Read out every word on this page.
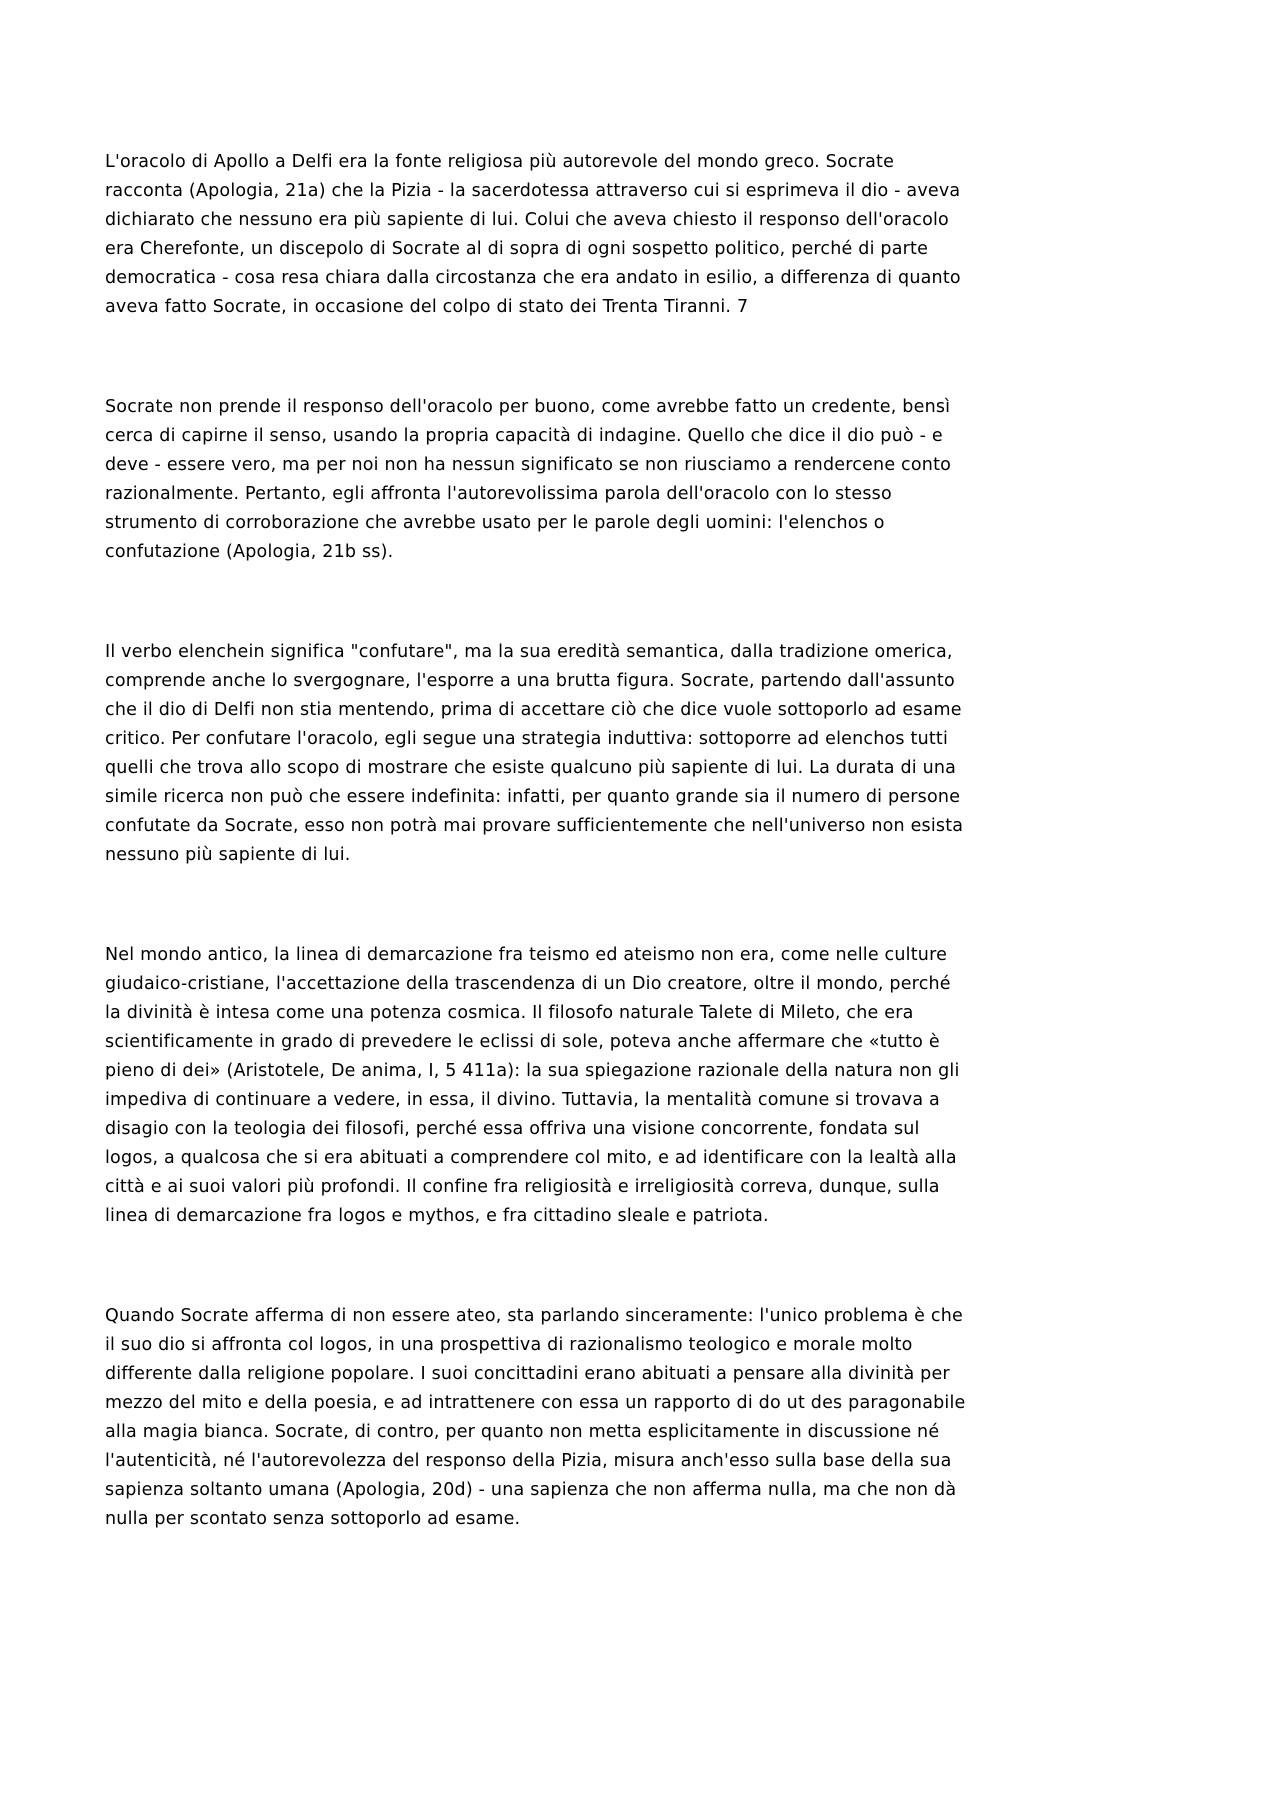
L'oracolo di Apollo a Delfi era la fonte religiosa più autorevole del mondo greco. Socrate
racconta (Apologia, 21a) che la Pizia - la sacerdotessa attraverso cui si esprimeva il dio - aveva
dichiarato che nessuno era più sapiente di lui. Colui che aveva chiesto il responso dell'oracolo
era Cherefonte, un discepolo di Socrate al di sopra di ogni sospetto politico, perché di parte
democratica - cosa resa chiara dalla circostanza che era andato in esilio, a differenza di quanto
aveva fatto Socrate, in occasione del colpo di stato dei Trenta Tiranni. 7
Socrate non prende il responso dell'oracolo per buono, come avrebbe fatto un credente, bensì
cerca di capirne il senso, usando la propria capacità di indagine. Quello che dice il dio può - e
deve - essere vero, ma per noi non ha nessun significato se non riusciamo a rendercene conto
razionalmente. Pertanto, egli affronta l'autorevolissima parola dell'oracolo con lo stesso
strumento di corroborazione che avrebbe usato per le parole degli uomini: l'elenchos o
confutazione (Apologia, 21b ss).
Il verbo elenchein significa "confutare", ma la sua eredità semantica, dalla tradizione omerica,
comprende anche lo svergognare, l'esporre a una brutta figura. Socrate, partendo dall'assunto
che il dio di Delfi non stia mentendo, prima di accettare ciò che dice vuole sottoporlo ad esame
critico. Per confutare l'oracolo, egli segue una strategia induttiva: sottoporre ad elenchos tutti
quelli che trova allo scopo di mostrare che esiste qualcuno più sapiente di lui. La durata di una
simile ricerca non può che essere indefinita: infatti, per quanto grande sia il numero di persone
confutate da Socrate, esso non potrà mai provare sufficientemente che nell'universo non esista
nessuno più sapiente di lui.
Nel mondo antico, la linea di demarcazione fra teismo ed ateismo non era, come nelle culture
giudaico-cristiane, l'accettazione della trascendenza di un Dio creatore, oltre il mondo, perché
la divinità è intesa come una potenza cosmica. Il filosofo naturale Talete di Mileto, che era
scientificamente in grado di prevedere le eclissi di sole, poteva anche affermare che «tutto è
pieno di dei» (Aristotele, De anima, I, 5 411a): la sua spiegazione razionale della natura non gli
impediva di continuare a vedere, in essa, il divino. Tuttavia, la mentalità comune si trovava a
disagio con la teologia dei filosofi, perché essa offriva una visione concorrente, fondata sul
logos, a qualcosa che si era abituati a comprendere col mito, e ad identificare con la lealtà alla
città e ai suoi valori più profondi. Il confine fra religiosità e irreligiosità correva, dunque, sulla
linea di demarcazione fra logos e mythos, e fra cittadino sleale e patriota.
Quando Socrate afferma di non essere ateo, sta parlando sinceramente: l'unico problema è che
il suo dio si affronta col logos, in una prospettiva di razionalismo teologico e morale molto
differente dalla religione popolare. I suoi concittadini erano abituati a pensare alla divinità per
mezzo del mito e della poesia, e ad intrattenere con essa un rapporto di do ut des paragonabile
alla magia bianca. Socrate, di contro, per quanto non metta esplicitamente in discussione né
l'autenticità, né l'autorevolezza del responso della Pizia, misura anch'esso sulla base della sua
sapienza soltanto umana (Apologia, 20d) - una sapienza che non afferma nulla, ma che non dà
nulla per scontato senza sottoporlo ad esame.
